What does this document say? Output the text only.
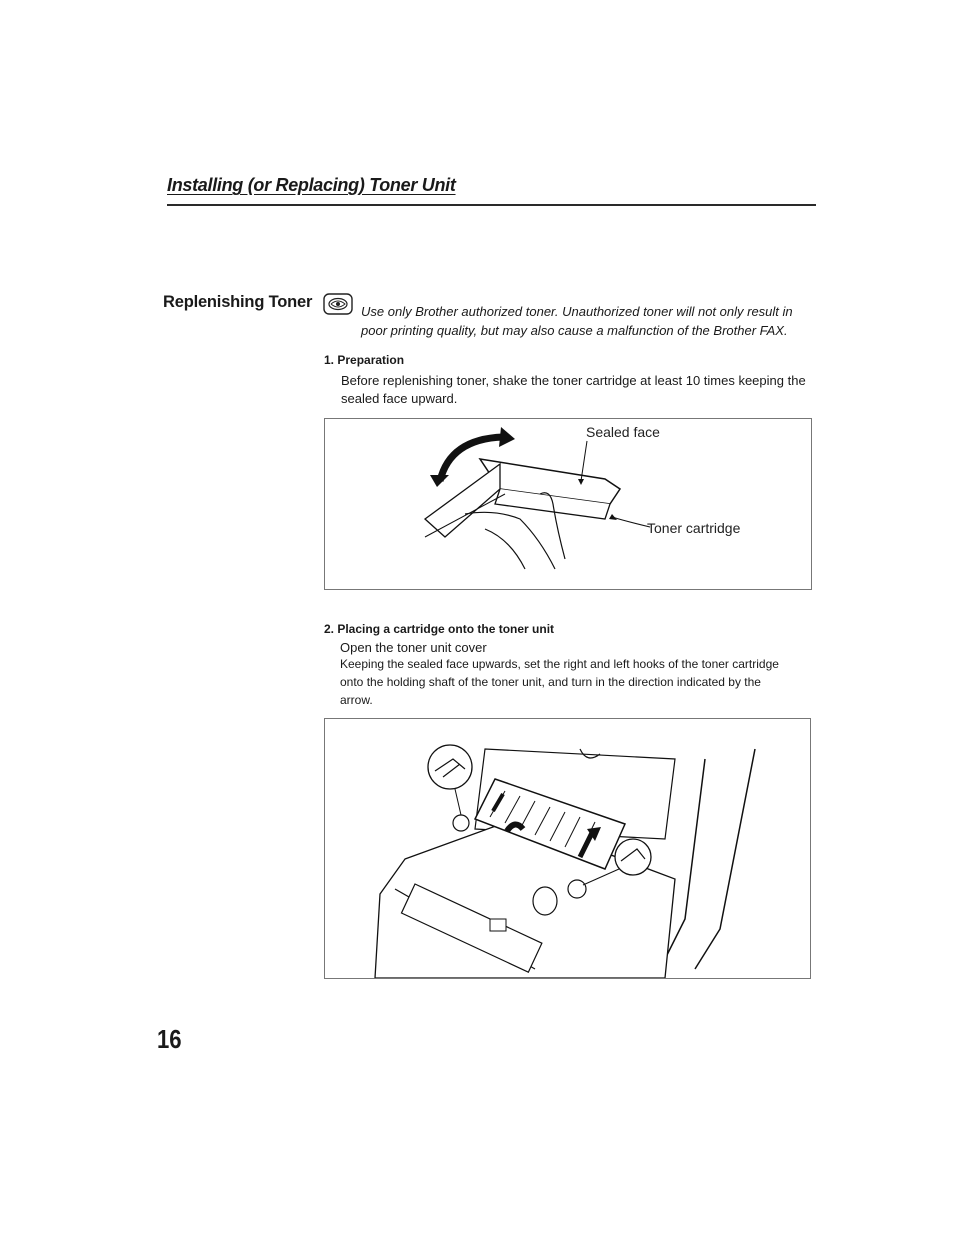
Installing (or Replacing) Toner Unit
Replenishing Toner
Use only Brother authorized toner. Unauthorized toner will not only result in poor printing quality, but may also cause a malfunction of the Brother FAX.
1. Preparation
Before replenishing toner, shake the toner cartridge at least 10 times keeping the sealed face upward.
Sealed face
Toner cartridge
2. Placing a cartridge onto the toner unit
Open the toner unit cover
Keeping the sealed face upwards, set the right and left hooks of the toner cartridge onto the holding shaft of the toner unit, and turn in the direction indicated by the arrow.
16
